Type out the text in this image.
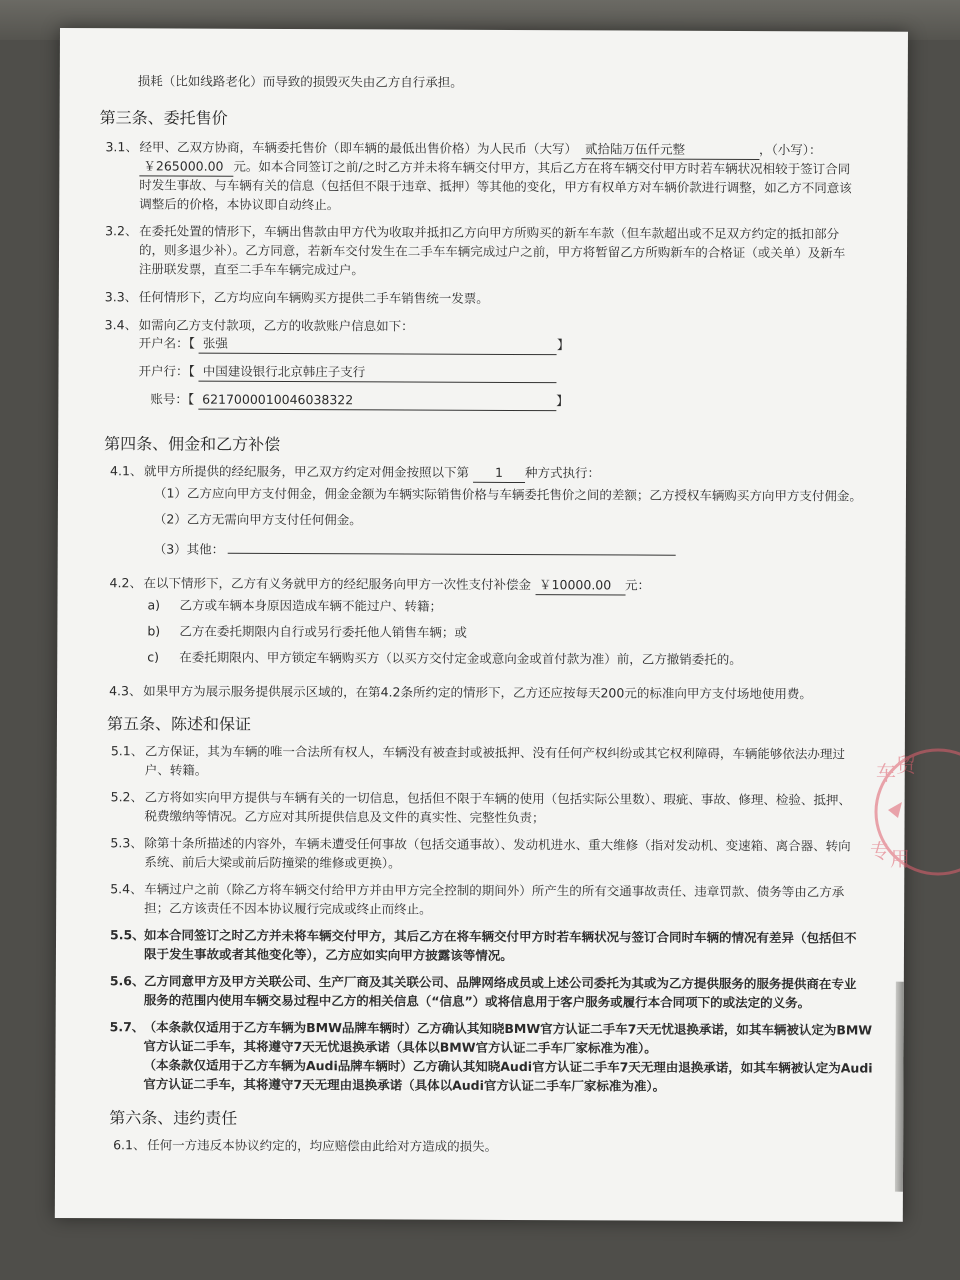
损耗（比如线路老化）而导致的损毁灭失由乙方自行承担。
第三条、委托售价
3.1、 经甲、乙双方协商，车辆委托售价（即车辆的最低出售价格）为人民币（大写） 贰拾陆万伍仟元整	，（小写）：
￥265000.00 元。如本合同签订之前/之时乙方并未将车辆交付甲方，其后乙方在将车辆交付甲方时若车辆状况相较于签订合同
时发生事故、与车辆有关的信息（包括但不限于违章、抵押）等其他的变化，甲方有权单方对车辆价款进行调整，如乙方不同意该
调整后的价格，本协议即自动终止。
3.2、 在委托处置的情形下，车辆出售款由甲方代为收取并抵扣乙方向甲方所购买的新车车款（但车款超出或不足双方约定的抵扣部分
的，则多退少补）。乙方同意，若新车交付发生在二手车车辆完成过户之前，甲方将暂留乙方所购新车的合格证（或关单）及新车
注册联发票，直至二手车车辆完成过户。
3.3、 任何情形下，乙方均应向车辆购买方提供二手车销售统一发票。
3.4、 如需向乙方支付款项，乙方的收款账户信息如下：
开户名：【 张强	】
开户行：【 中国建设银行北京韩庄子支行
账号：【 6217000010046038322	】
第四条、佣金和乙方补偿
4.1、 就甲方所提供的经纪服务，甲乙双方约定对佣金按照以下第 1 种方式执行：
（1）乙方应向甲方支付佣金，佣金金额为车辆实际销售价格与车辆委托售价之间的差额；乙方授权车辆购买方向甲方支付佣金。
（2）乙方无需向甲方支付任何佣金。
（3）其他：
4.2、 在以下情形下，乙方有义务就甲方的经纪服务向甲方一次性支付补偿金 ￥10000.00 元：
a) 乙方或车辆本身原因造成车辆不能过户、转籍；
b) 乙方在委托期限内自行或另行委托他人销售车辆；或
c) 在委托期限内、甲方锁定车辆购买方（以买方交付定金或意向金或首付款为准）前，乙方撤销委托的。
4.3、 如果甲方为展示服务提供展示区域的，在第4.2条所约定的情形下，乙方还应按每天200元的标准向甲方支付场地使用费。
第五条、陈述和保证
5.1、 乙方保证，其为车辆的唯一合法所有权人，车辆没有被查封或被抵押、没有任何产权纠纷或其它权利障碍，车辆能够依法办理过
户、转籍。
5.2、 乙方将如实向甲方提供与车辆有关的一切信息，包括但不限于车辆的使用（包括实际公里数）、瑕疵、事故、修理、检验、抵押、
税费缴纳等情况。乙方应对其所提供信息及文件的真实性、完整性负责；
5.3、 除第十条所描述的内容外，车辆未遭受任何事故（包括交通事故）、发动机进水、重大维修（指对发动机、变速箱、离合器、转向
系统、前后大梁或前后防撞梁的维修或更换）。
5.4、 车辆过户之前（除乙方将车辆交付给甲方并由甲方完全控制的期间外）所产生的所有交通事故责任、违章罚款、债务等由乙方承
担；乙方该责任不因本协议履行完成或终止而终止。
5.5、如本合同签订之时乙方并未将车辆交付甲方，其后乙方在将车辆交付甲方时若车辆状况与签订合同时车辆的情况有差异（包括但不
限于发生事故或者其他变化等），乙方应如实向甲方披露该等情况。
5.6、乙方同意甲方及甲方关联公司、生产厂商及其关联公司、品牌网络成员或上述公司委托为其或为乙方提供服务的服务提供商在专业
服务的范围内使用车辆交易过程中乙方的相关信息（“信息”）或将信息用于客户服务或履行本合同项下的或法定的义务。
5.7、（本条款仅适用于乙方车辆为BMW品牌车辆时）乙方确认其知晓BMW官方认证二手车7天无忧退换承诺，如其车辆被认定为BMW
官方认证二手车，其将遵守7天无忧退换承诺（具体以BMW官方认证二手车厂家标准为准）。
（本条款仅适用于乙方车辆为Audi品牌车辆时）乙方确认其知晓Audi官方认证二手车7天无理由退换承诺，如其车辆被认定为Audi
官方认证二手车，其将遵守7天无理由退换承诺（具体以Audi官方认证二手车厂家标准为准）。
第六条、违约责任
6.1、 任何一方违反本协议约定的，均应赔偿由此给对方造成的损失。
车 贸
专 用
